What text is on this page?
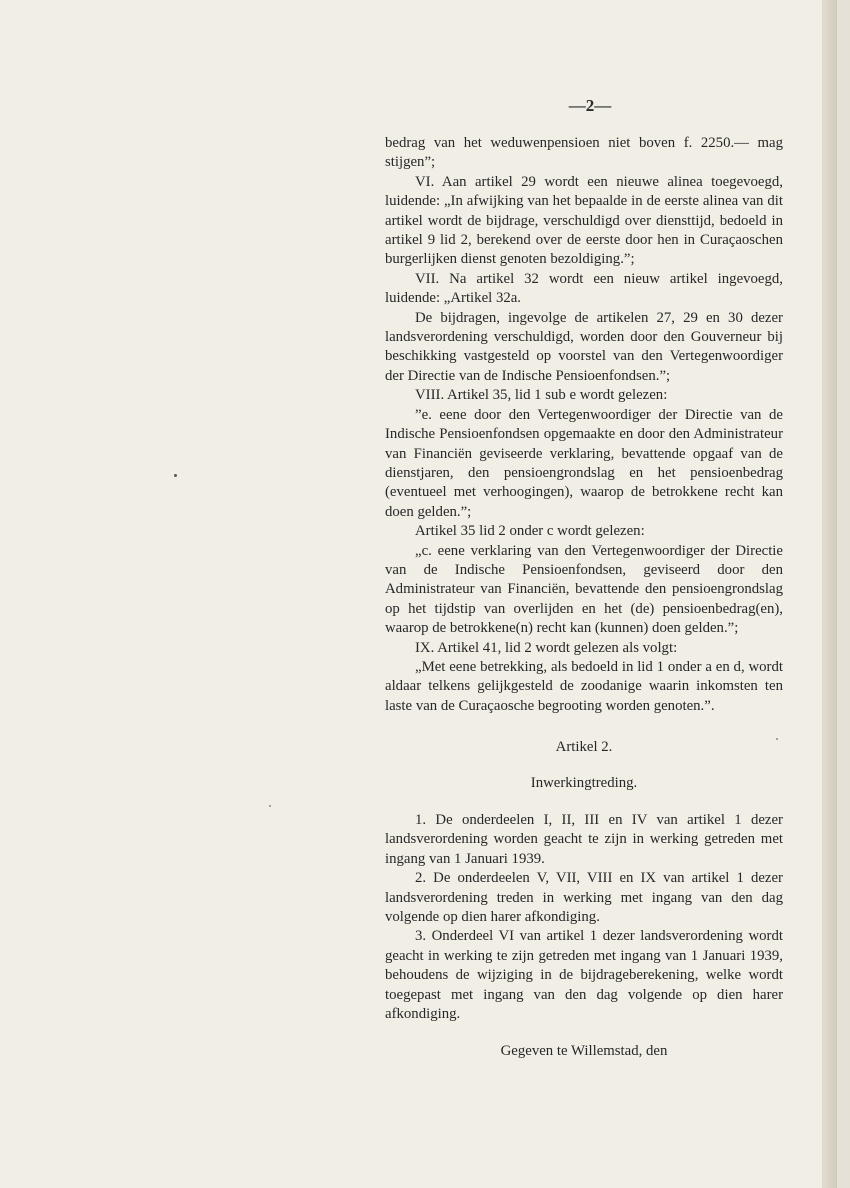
—2—

bedrag van het weduwenpensioen niet boven f. 2250.— mag stijgen”;

VI. Aan artikel 29 wordt een nieuwe alinea toegevoegd, luidende: „In afwijking van het bepaalde in de eerste alinea van dit artikel wordt de bijdrage, verschuldigd over diensttijd, bedoeld in artikel 9 lid 2, berekend over de eerste door hen in Curaçaoschen burgerlijken dienst genoten bezoldiging.”;

VII. Na artikel 32 wordt een nieuw artikel ingevoegd, luidende: „Artikel 32a.

De bijdragen, ingevolge de artikelen 27, 29 en 30 dezer landsverordening verschuldigd, worden door den Gouverneur bij beschikking vastgesteld op voorstel van den Vertegenwoordiger der Directie van de Indische Pensioenfondsen.”;

VIII. Artikel 35, lid 1 sub e wordt gelezen:

”e. eene door den Vertegenwoordiger der Directie van de Indische Pensioenfondsen opgemaakte en door den Administrateur van Financiën geviseerde verklaring, bevattende opgaaf van de dienstjaren, den pensioengrondslag en het pensioenbedrag (eventueel met verhoogingen), waarop de betrokkene recht kan doen gelden.”;

Artikel 35 lid 2 onder c wordt gelezen:

„c. eene verklaring van den Vertegenwoordiger der Directie van de Indische Pensioenfondsen, geviseerd door den Administrateur van Financiën, bevattende den pensioengrondslag op het tijdstip van overlijden en het (de) pensioenbedrag(en), waarop de betrokkene(n) recht kan (kunnen) doen gelden.”;

IX. Artikel 41, lid 2 wordt gelezen als volgt:

„Met eene betrekking, als bedoeld in lid 1 onder a en d, wordt aldaar telkens gelijkgesteld de zoodanige waarin inkomsten ten laste van de Curaçaosche begrooting worden genoten.”.

Artikel 2.

Inwerkingtreding.

1. De onderdeelen I, II, III en IV van artikel 1 dezer landsverordening worden geacht te zijn in werking getreden met ingang van 1 Januari 1939.

2. De onderdeelen V, VII, VIII en IX van artikel 1 dezer landsverordening treden in werking met ingang van den dag volgende op dien harer afkondiging.

3. Onderdeel VI van artikel 1 dezer landsverordening wordt geacht in werking te zijn getreden met ingang van 1 Januari 1939, behoudens de wijziging in de bijdrageberekening, welke wordt toegepast met ingang van den dag volgende op dien harer afkondiging.

Gegeven te Willemstad, den
